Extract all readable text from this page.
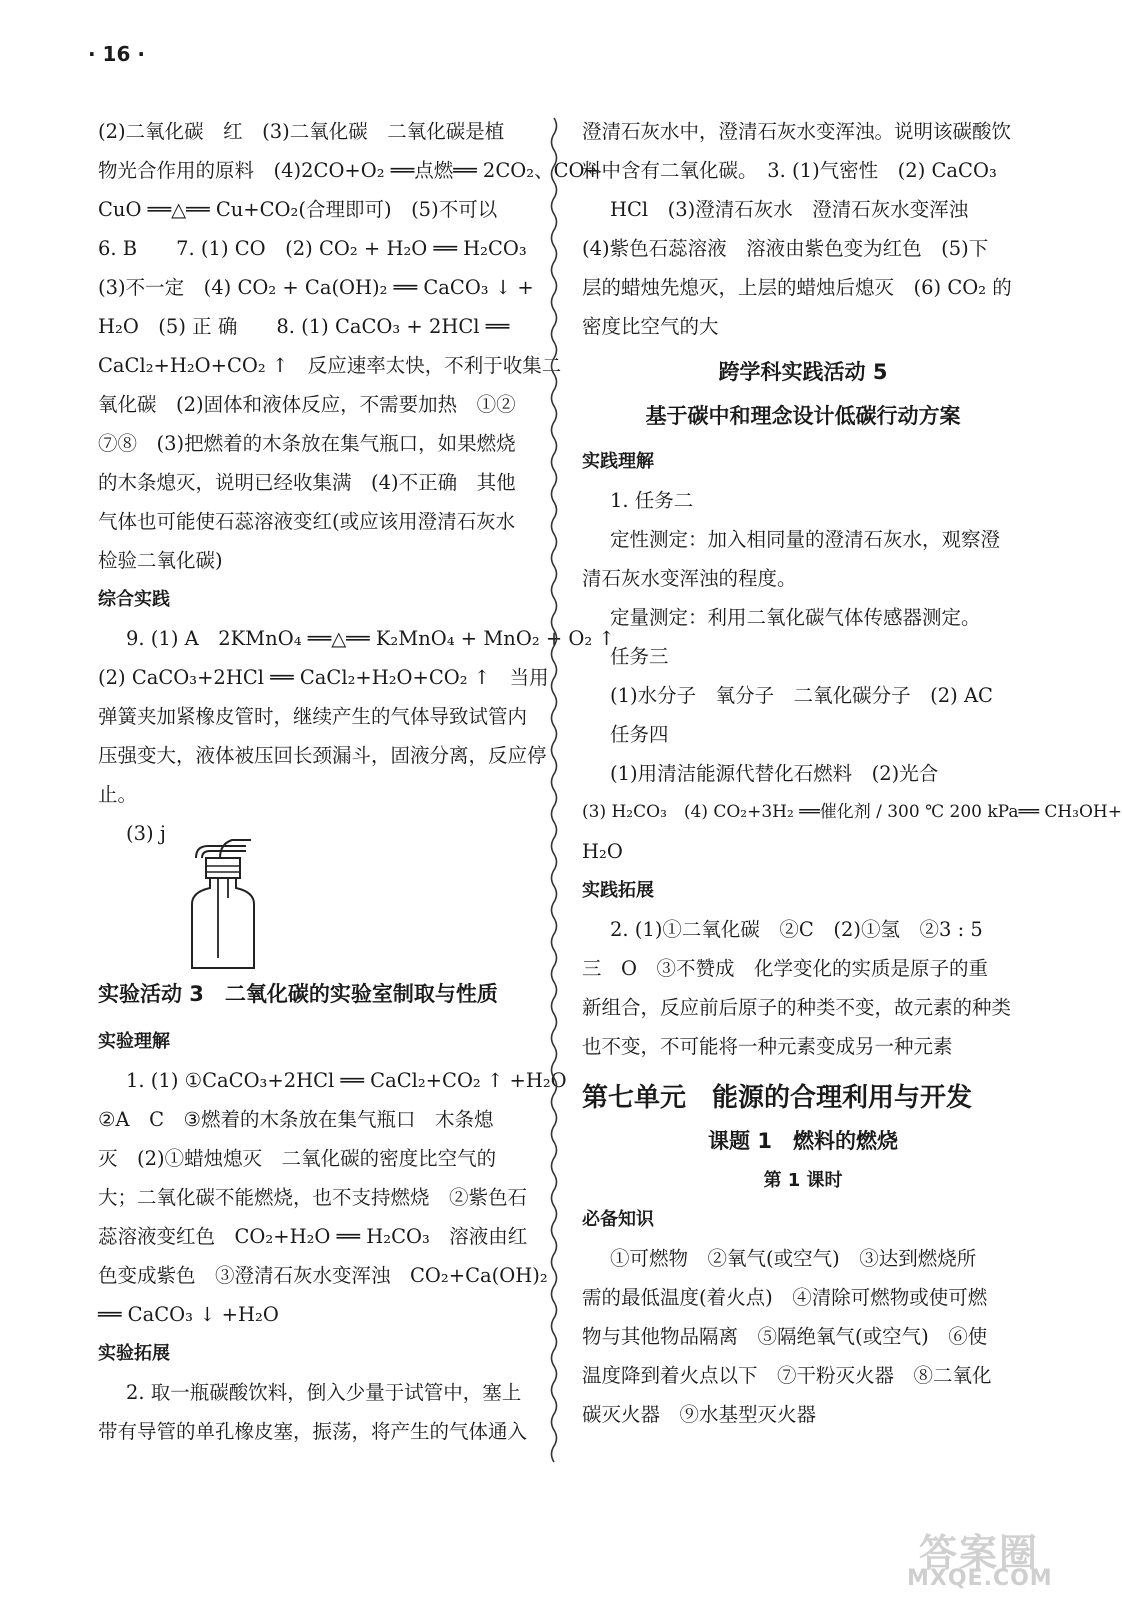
· 16 ·
(2)二氧化碳　红　(3)二氧化碳　二氧化碳是植
物光合作用的原料　(4)2CO+O₂ ══点燃══ 2CO₂、CO+
CuO ══△══ Cu+CO₂(合理即可)　(5)不可以
6. B　　7. (1) CO　(2) CO₂ + H₂O ══ H₂CO₃
(3)不一定　(4) CO₂ + Ca(OH)₂ ══ CaCO₃ ↓ +
H₂O　(5) 正 确　　8. (1) CaCO₃ + 2HCl ══
CaCl₂+H₂O+CO₂ ↑　反应速率太快，不利于收集二
氧化碳　(2)固体和液体反应，不需要加热　①②
⑦⑧　(3)把燃着的木条放在集气瓶口，如果燃烧
的木条熄灭，说明已经收集满　(4)不正确　其他
气体也可能使石蕊溶液变红(或应该用澄清石灰水
检验二氧化碳)
综合实践
9. (1) A　2KMnO₄ ══△══ K₂MnO₄ + MnO₂ + O₂ ↑
(2) CaCO₃+2HCl ══ CaCl₂+H₂O+CO₂ ↑　当用
弹簧夹加紧橡皮管时，继续产生的气体导致试管内
压强变大，液体被压回长颈漏斗，固液分离，反应停
止。
(3) j
实验活动 3　二氧化碳的实验室制取与性质
实验理解
1. (1) ①CaCO₃+2HCl ══ CaCl₂+CO₂ ↑ +H₂O
②A　C　③燃着的木条放在集气瓶口　木条熄
灭　(2)①蜡烛熄灭　二氧化碳的密度比空气的
大；二氧化碳不能燃烧，也不支持燃烧　②紫色石
蕊溶液变红色　CO₂+H₂O ══ H₂CO₃　溶液由红
色变成紫色　③澄清石灰水变浑浊　CO₂+Ca(OH)₂
══ CaCO₃ ↓ +H₂O
实验拓展
2. 取一瓶碳酸饮料，倒入少量于试管中，塞上
带有导管的单孔橡皮塞，振荡，将产生的气体通入
澄清石灰水中，澄清石灰水变浑浊。说明该碳酸饮
料中含有二氧化碳。　3. (1)气密性　(2) CaCO₃
HCl　(3)澄清石灰水　澄清石灰水变浑浊
(4)紫色石蕊溶液　溶液由紫色变为红色　(5)下
层的蜡烛先熄灭，上层的蜡烛后熄灭　(6) CO₂ 的
密度比空气的大
跨学科实践活动 5
基于碳中和理念设计低碳行动方案
实践理解
1. 任务二
定性测定：加入相同量的澄清石灰水，观察澄
清石灰水变浑浊的程度。
定量测定：利用二氧化碳气体传感器测定。
任务三
(1)水分子　氧分子　二氧化碳分子　(2) AC
任务四
(1)用清洁能源代替化石燃料　(2)光合
(3) H₂CO₃　(4) CO₂+3H₂ ══催化剂 / 300 ℃ 200 kPa══ CH₃OH+
H₂O
实践拓展
2. (1)①二氧化碳　②C　(2)①氢　②3 : 5
三　O　③不赞成　化学变化的实质是原子的重
新组合，反应前后原子的种类不变，故元素的种类
也不变，不可能将一种元素变成另一种元素
第七单元　能源的合理利用与开发
课题 1　燃料的燃烧
第 1 课时
必备知识
①可燃物　②氧气(或空气)　③达到燃烧所
需的最低温度(着火点)　④清除可燃物或使可燃
物与其他物品隔离　⑤隔绝氧气(或空气)　⑥使
温度降到着火点以下　⑦干粉灭火器　⑧二氧化
碳灭火器　⑨水基型灭火器
答案圈
MXQE.COM
